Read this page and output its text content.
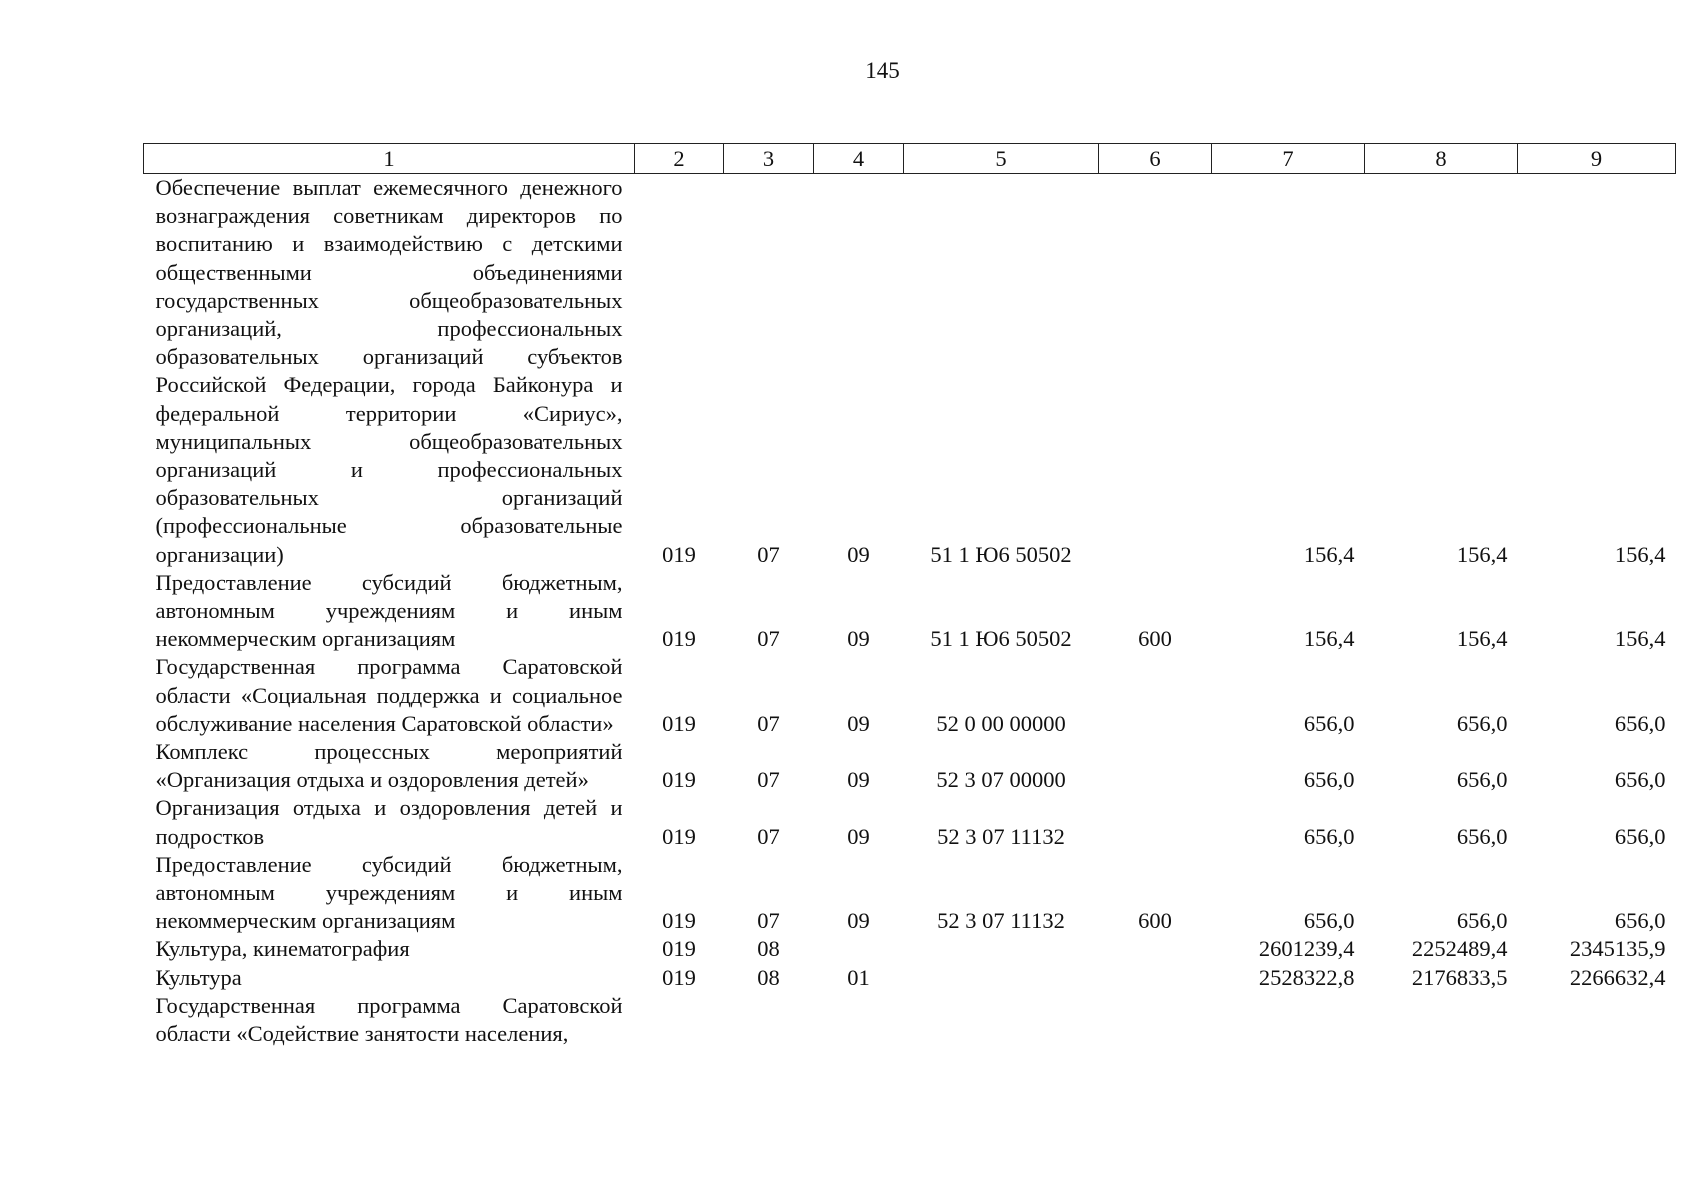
145
1	2	3	4	5	6	7	8	9
Обеспечение выплат ежемесячного денежного вознаграждения советникам директоров по воспитанию и взаимодействию с детскими общественными объединениями государственных общеобразовательных организаций, профессиональных образовательных организаций субъектов Российской Федерации, города Байконура и федеральной территории «Сириус», муниципальных общеобразовательных организаций и профессиональных образовательных организаций (профессиональные образовательные организации)	019	07	09	51 1 Ю6 50502		156,4	156,4	156,4
Предоставление субсидий бюджетным, автономным учреждениям и иным некоммерческим организациям	019	07	09	51 1 Ю6 50502	600	156,4	156,4	156,4
Государственная программа Саратовской области «Социальная поддержка и социальное обслуживание населения Саратовской области»	019	07	09	52 0 00 00000		656,0	656,0	656,0
Комплекс процессных мероприятий «Организация отдыха и оздоровления детей»	019	07	09	52 3 07 00000		656,0	656,0	656,0
Организация отдыха и оздоровления детей и подростков	019	07	09	52 3 07 11132		656,0	656,0	656,0
Предоставление субсидий бюджетным, автономным учреждениям и иным некоммерческим организациям	019	07	09	52 3 07 11132	600	656,0	656,0	656,0
Культура, кинематография	019	08				2601239,4	2252489,4	2345135,9
Культура	019	08	01			2528322,8	2176833,5	2266632,4
Государственная программа Саратовской области «Содействие занятости населения,								
